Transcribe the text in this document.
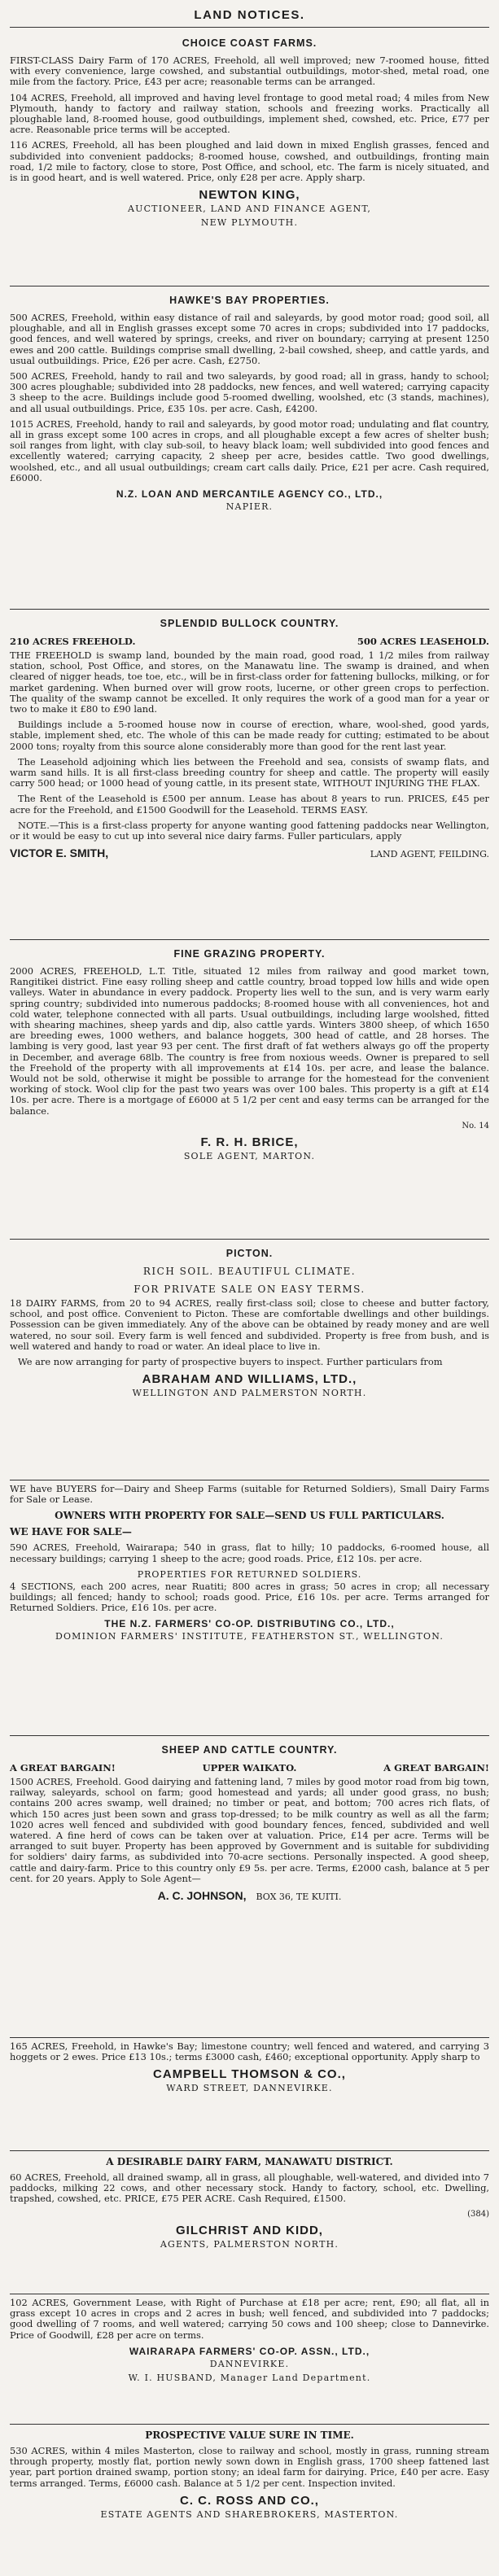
LAND NOTICES.
CHOICE COAST FARMS.

FIRST-CLASS Dairy Farm of 170 ACRES, Freehold, all well improved; new 7-roomed house, fitted with every convenience, large cowshed, and substantial outbuildings, motor-shed, metal road, one mile from the factory. Price, £43 per acre; reasonable terms can be arranged.

104 ACRES, Freehold, all improved and having level frontage to good metal road; 4 miles from New Plymouth, handy to factory and railway station, schools and freezing works. Practically all ploughable land, 8-roomed house, good outbuildings, implement shed, cowshed, etc. Price, £77 per acre. Reasonable price terms will be accepted.

116 ACRES, Freehold, all has been ploughed and laid down in mixed English grasses, fenced and subdivided into convenient paddocks; 8-roomed house, cowshed, and outbuildings, fronting main road, 1/2 mile to factory, close to store, Post Office, and school, etc. The farm is nicely situated, and is in good heart, and is well watered. Price, only £28 per acre. Apply sharp.

NEWTON KING,
AUCTIONEER, LAND AND FINANCE AGENT,
NEW PLYMOUTH.
HAWKE'S BAY PROPERTIES.

500 ACRES, Freehold, within easy distance of rail and saleyards, by good motor road; good soil, all ploughable, and all in English grasses except some 70 acres in crops; subdivided into 17 paddocks, good fences, and well watered by springs, creeks, and river on boundary; carrying at present 1250 ewes and 200 cattle. Buildings comprise small dwelling, 2-bail cowshed, sheep, and cattle yards, and usual outbuildings. Price, £26 per acre. Cash, £2750.

500 ACRES, Freehold, handy to rail and two saleyards, by good road; all in grass, handy to school; 300 acres ploughable; subdivided into 28 paddocks, new fences, and well watered; carrying capacity 3 sheep to the acre. Buildings include good 5-roomed dwelling, woolshed, etc (3 stands, machines), and all usual outbuildings. Price, £35 10s. per acre. Cash, £4200.

1015 ACRES, Freehold, handy to rail and saleyards, by good motor road; undulating and flat country, all in grass except some 100 acres in crops, and all ploughable except a few acres of shelter bush; soil ranges from light, with clay sub-soil, to heavy black loam; well subdivided into good fences and excellently watered; carrying capacity, 2 sheep per acre, besides cattle. Two good dwellings, woolshed, etc., and all usual outbuildings; cream cart calls daily. Price, £21 per acre. Cash required, £6000.

N.Z. LOAN AND MERCANTILE AGENCY CO., LTD.,
NAPIER.
SPLENDID BULLOCK COUNTRY.
210 ACRES FREEHOLD.	500 ACRES LEASEHOLD.

THE FREEHOLD is swamp land, bounded by the main road, good road, 1 1/2 miles from railway station, school, Post Office, and stores, on the Manawatu line. The swamp is drained, and when cleared of nigger heads, toe toe, etc., will be in first-class order for fattening bullocks, milking, or for market gardening. When burned over will grow roots, lucerne, or other green crops to perfection. The quality of the swamp cannot be excelled. It only requires the work of a good man for a year or two to make it £80 to £90 land.

Buildings include a 5-roomed house now in course of erection, whare, wool-shed, good yards, stable, implement shed, etc. The whole of this can be made ready for cutting; estimated to be about 2000 tons; royalty from this source alone considerably more than good for the rent last year.

The Leasehold adjoining which lies between the Freehold and sea, consists of swamp flats, and warm sand hills. It is all first-class breeding country for sheep and cattle. The property will easily carry 500 head; or 1000 head of young cattle, in its present state, WITHOUT INJURING THE FLAX.

The Rent of the Leasehold is £500 per annum. Lease has about 8 years to run. PRICES, £45 per acre for the Freehold, and £1500 Goodwill for the Leasehold. TERMS EASY.

NOTE.—This is a first-class property for anyone wanting good fattening paddocks near Wellington, or it would be easy to cut up into several nice dairy farms. Fuller particulars, apply

VICTOR E. SMITH,	LAND AGENT, FEILDING.
FINE GRAZING PROPERTY.

2000 ACRES, FREEHOLD, L.T. Title, situated 12 miles from railway and good market town, Rangitikei district. Fine easy rolling sheep and cattle country, broad topped low hills and wide open valleys. Water in abundance in every paddock. Property lies well to the sun, and is very warm early spring country; subdivided into numerous paddocks; 8-roomed house with all conveniences, hot and cold water, telephone connected with all parts. Usual outbuildings, including large woolshed, fitted with shearing machines, sheep yards and dip, also cattle yards. Winters 3800 sheep, of which 1650 are breeding ewes, 1000 wethers, and balance hoggets, 300 head of cattle, and 28 horses. The lambing is very good, last year 93 per cent. The first draft of fat wethers always go off the property in December, and average 68lb. The country is free from noxious weeds. Owner is prepared to sell the Freehold of the property with all improvements at £14 10s. per acre, and lease the balance. Would not be sold, otherwise it might be possible to arrange for the homestead for the convenient working of stock. Wool clip for the past two years was over 100 bales. This property is a gift at £14 10s. per acre. There is a mortgage of £6000 at 5 1/2 per cent and easy terms can be arranged for the balance.

No. 14
F. R. H. BRICE,
SOLE AGENT, MARTON.
PICTON.
RICH SOIL. BEAUTIFUL CLIMATE.
FOR PRIVATE SALE ON EASY TERMS.

18 DAIRY FARMS, from 20 to 94 ACRES, really first-class soil; close to cheese and butter factory, school, and post office. Convenient to Picton. These are comfortable dwellings and other buildings. Possession can be given immediately. Any of the above can be obtained by ready money and are well watered, no sour soil. Every farm is well fenced and subdivided. Property is free from bush, and is well watered and handy to road or water. An ideal place to live in.

We are now arranging for party of prospective buyers to inspect. Further particulars from

ABRAHAM AND WILLIAMS, LTD.,
WELLINGTON AND PALMERSTON NORTH.

WE have BUYERS for—Dairy and Sheep Farms (suitable for Returned Soldiers), Small Dairy Farms for Sale or Lease.

OWNERS WITH PROPERTY FOR SALE—SEND US FULL PARTICULARS.
WE HAVE FOR SALE—

590 ACRES, Freehold, Wairarapa; 540 in grass, flat to hilly; 10 paddocks, 6-roomed house, all necessary buildings; carrying 1 sheep to the acre; good roads. Price, £12 10s. per acre.

PROPERTIES FOR RETURNED SOLDIERS.

4 SECTIONS, each 200 acres, near Ruatiti; 800 acres in grass; 50 acres in crop; all necessary buildings; all fenced; handy to school; roads good. Price, £16 10s. per acre. Terms arranged for Returned Soldiers. Price, £16 10s. per acre.

THE N.Z. FARMERS' CO-OP. DISTRIBUTING CO., LTD.,
DOMINION FARMERS' INSTITUTE, FEATHERSTON ST., WELLINGTON.
SHEEP AND CATTLE COUNTRY.
A GREAT BARGAIN!	UPPER WAIKATO.	A GREAT BARGAIN!

1500 ACRES, Freehold. Good dairying and fattening land, 7 miles by good motor road from big town, railway, saleyards, school on farm; good homestead and yards; all under good grass, no bush; contains 200 acres swamp, well drained; no timber or peat, and bottom; 700 acres rich flats, of which 150 acres just been sown and grass top-dressed; to be milk country as well as all the farm; 1020 acres well fenced and subdivided with good boundary fences, fenced, subdivided and well watered. A fine herd of cows can be taken over at valuation. Price, £14 per acre. Terms will be arranged to suit buyer. Property has been approved by Government and is suitable for subdividing for soldiers' dairy farms, as subdivided into 70-acre sections. Personally inspected. A good sheep, cattle and dairy-farm. Price to this country only £9 5s. per acre. Terms, £2000 cash, balance at 5 per cent. for 20 years. Apply to Sole Agent—

A. C. JOHNSON, BOX 36, TE KUITI.

165 ACRES, Freehold, in Hawke's Bay; limestone country; well fenced and watered, and carrying 3 hoggets or 2 ewes. Price £13 10s.; terms £3000 cash, £460; exceptional opportunity. Apply sharp to

CAMPBELL THOMSON & CO.,
WARD STREET, DANNEVIRKE.
A DESIRABLE DAIRY FARM, MANAWATU DISTRICT.

60 ACRES, Freehold, all drained swamp, all in grass, all ploughable, well-watered, and divided into 7 paddocks, milking 22 cows, and other necessary stock. Handy to factory, school, etc. Dwelling, trapshed, cowshed, etc. PRICE, £75 PER ACRE. Cash Required, £1500.

(384)
GILCHRIST AND KIDD,
AGENTS, PALMERSTON NORTH.

102 ACRES, Government Lease, with Right of Purchase at £18 per acre; rent, £90; all flat, all in grass except 10 acres in crops and 2 acres in bush; well fenced, and subdivided into 7 paddocks; good dwelling of 7 rooms, and well watered; carrying 50 cows and 100 sheep; close to Dannevirke. Price of Goodwill, £28 per acre on terms.

WAIRARAPA FARMERS' CO-OP. ASSN., LTD.,
DANNEVIRKE.
W. I. HUSBAND, Manager Land Department.
PROSPECTIVE VALUE SURE IN TIME.

530 ACRES, within 4 miles Masterton, close to railway and school, mostly in grass, running stream through property, mostly flat, portion newly sown down in English grass, 1700 sheep fattened last year, part portion drained swamp, portion stony; an ideal farm for dairying. Price, £40 per acre. Easy terms arranged. Terms, £6000 cash. Balance at 5 1/2 per cent. Inspection invited.

C. C. ROSS AND CO.,
ESTATE AGENTS AND SHAREBROKERS, MASTERTON.
